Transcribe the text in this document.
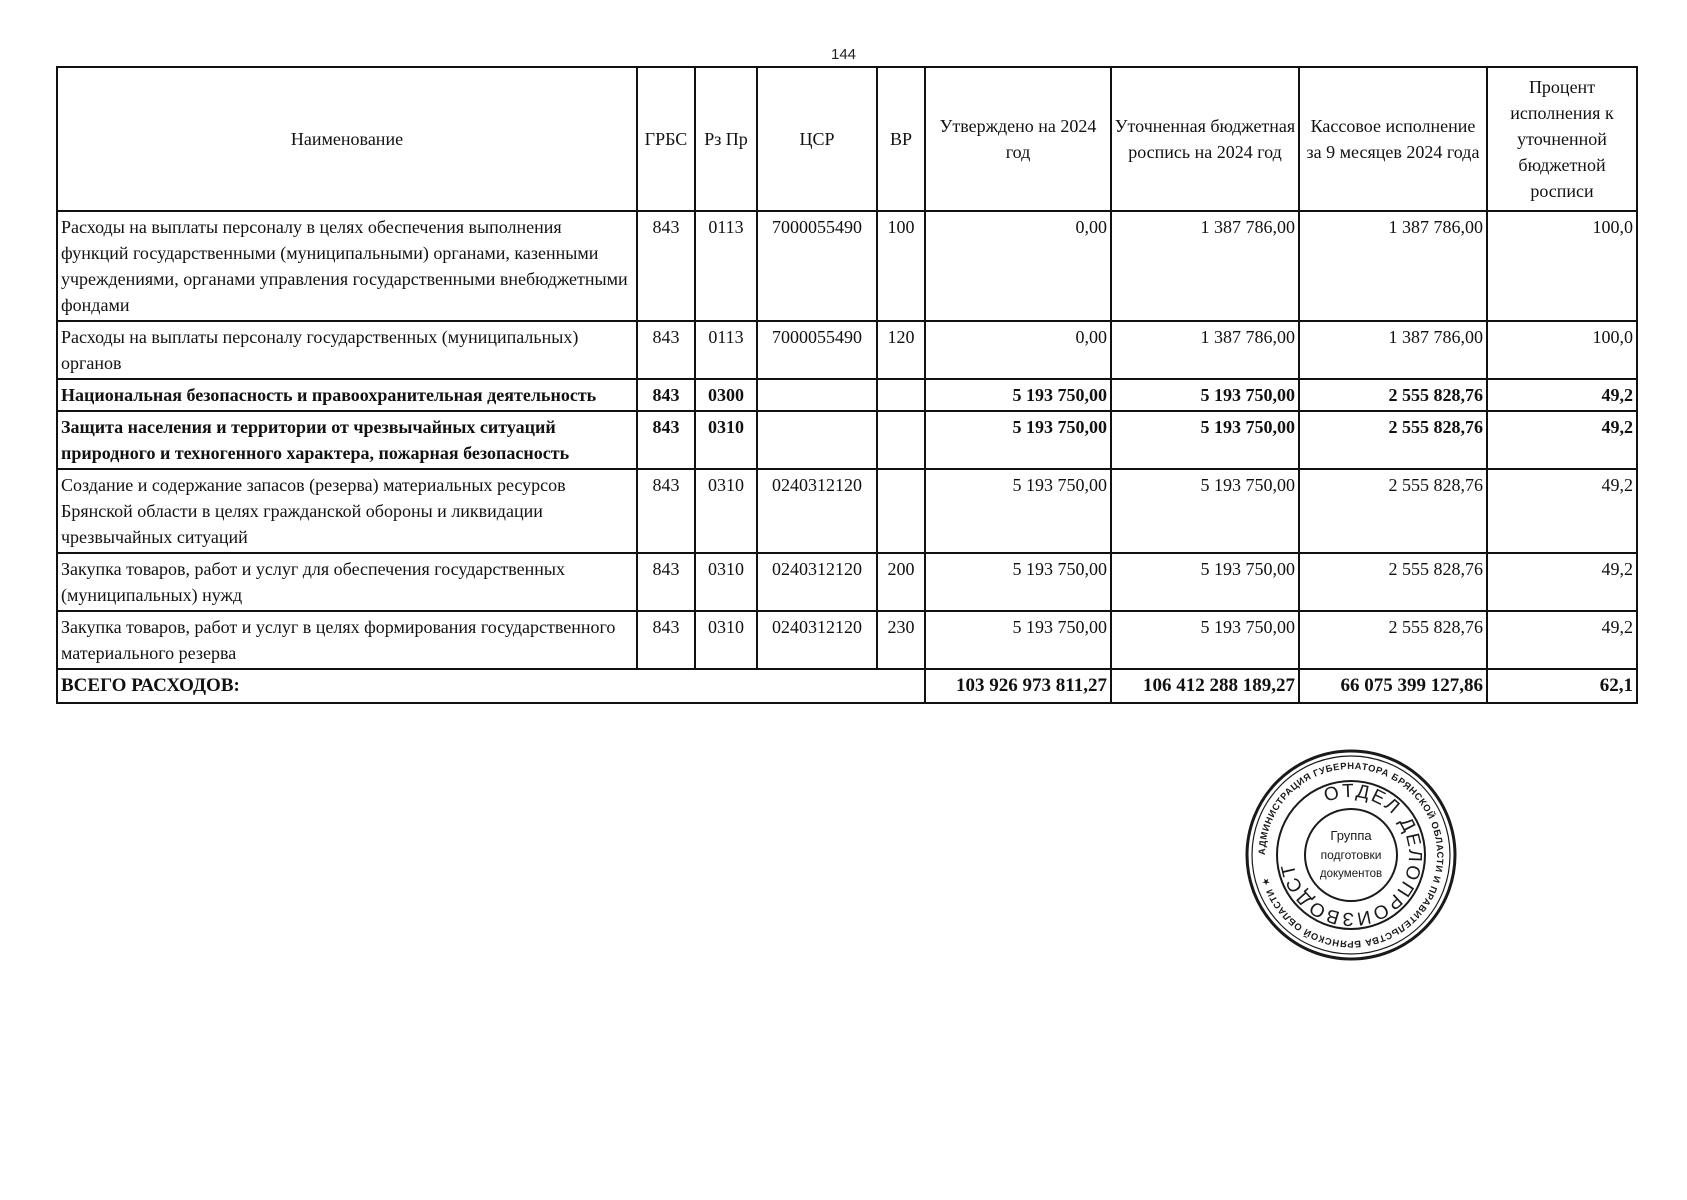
144
Наименование	ГРБС	Рз Пр	ЦСР	ВР	Утверждено на 2024 год	Уточненная бюджетная роспись на 2024 год	Кассовое исполнение за 9 месяцев 2024 года	Процент исполнения к уточненной бюджетной росписи
Расходы на выплаты персоналу в целях обеспечения выполнения функций государственными (муниципальными) органами, казенными учреждениями, органами управления государственными внебюджетными фондами	843	0113	7000055490	100	0,00	1 387 786,00	1 387 786,00	100,0
Расходы на выплаты персоналу государственных (муниципальных) органов	843	0113	7000055490	120	0,00	1 387 786,00	1 387 786,00	100,0
Национальная безопасность и правоохранительная деятельность	843	0300			5 193 750,00	5 193 750,00	2 555 828,76	49,2
Защита населения и территории от чрезвычайных ситуаций природного и техногенного характера, пожарная безопасность	843	0310			5 193 750,00	5 193 750,00	2 555 828,76	49,2
Создание и содержание запасов (резерва) материальных ресурсов Брянской области в целях гражданской обороны и ликвидации чрезвычайных ситуаций	843	0310	0240312120		5 193 750,00	5 193 750,00	2 555 828,76	49,2
Закупка товаров, работ и услуг для обеспечения государственных (муниципальных) нужд	843	0310	0240312120	200	5 193 750,00	5 193 750,00	2 555 828,76	49,2
Закупка товаров, работ и услуг в целях формирования государственного материального резерва	843	0310	0240312120	230	5 193 750,00	5 193 750,00	2 555 828,76	49,2
ВСЕГО РАСХОДОВ:					103 926 973 811,27	106 412 288 189,27	66 075 399 127,86	62,1
АДМИНИСТРАЦИЯ ГУБЕРНАТОРА БРЯНСКОЙ ОБЛАСТИ И ПРАВИТЕЛЬСТВА БРЯНСКОЙ ОБЛАСТИ ★
ОТДЕЛ ДЕЛОПРОИЗВОДСТ
Группа
подготовки
документов
